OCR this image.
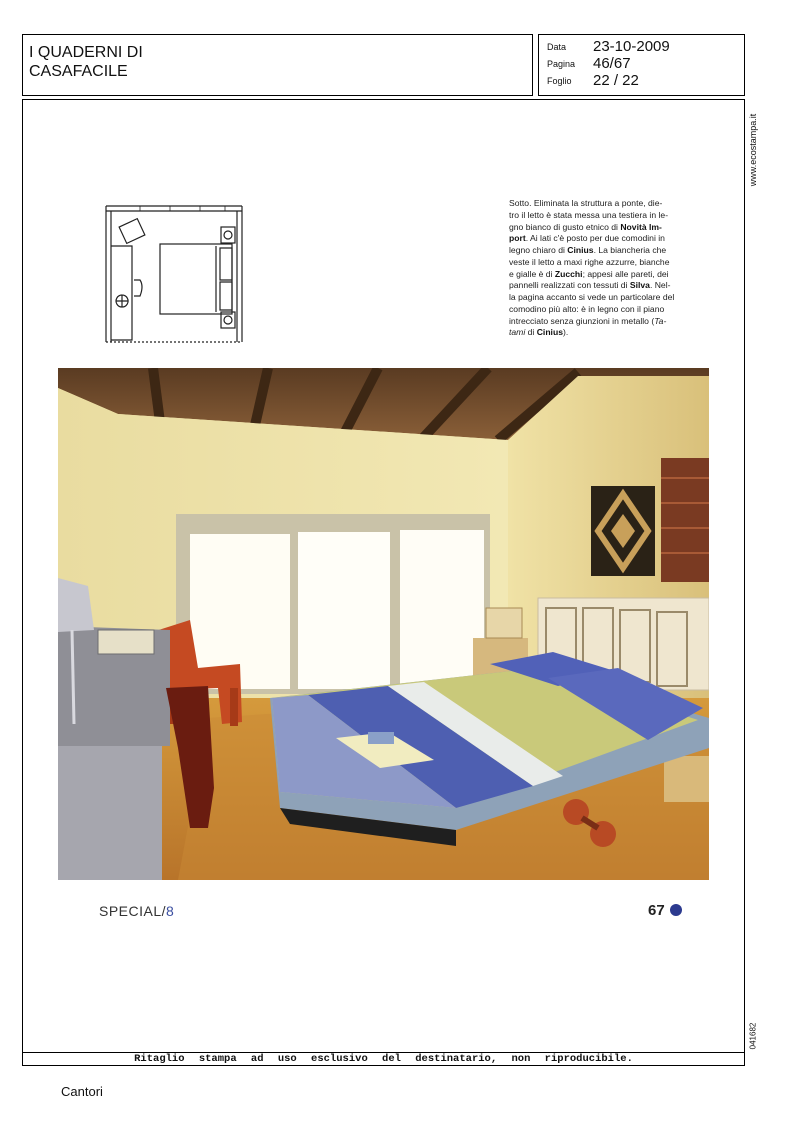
I QUADERNI DI
CASAFACILE
Data 23-10-2009
Pagina 46/67
Foglio 22 / 22
www.ecostampa.it
041682
Sotto. Eliminata la struttura a ponte, die-
tro il letto è stata messa una testiera in le-
gno bianco di gusto etnico di Novità Im-
port. Ai lati c'è posto per due comodini in
legno chiaro di Cinius. La biancheria che
veste il letto a maxi righe azzurre, bianche
e gialle è di Zucchi; appesi alle pareti, dei
pannelli realizzati con tessuti di Silva. Nel-
la pagina accanto si vede un particolare del
comodino più alto: è in legno con il piano
intrecciato senza giunzioni in metallo (Ta-
tami di Cinius).
SPECIAL/8	67
Ritaglio stampa ad uso esclusivo del destinatario, non riproducibile.
Cantori
